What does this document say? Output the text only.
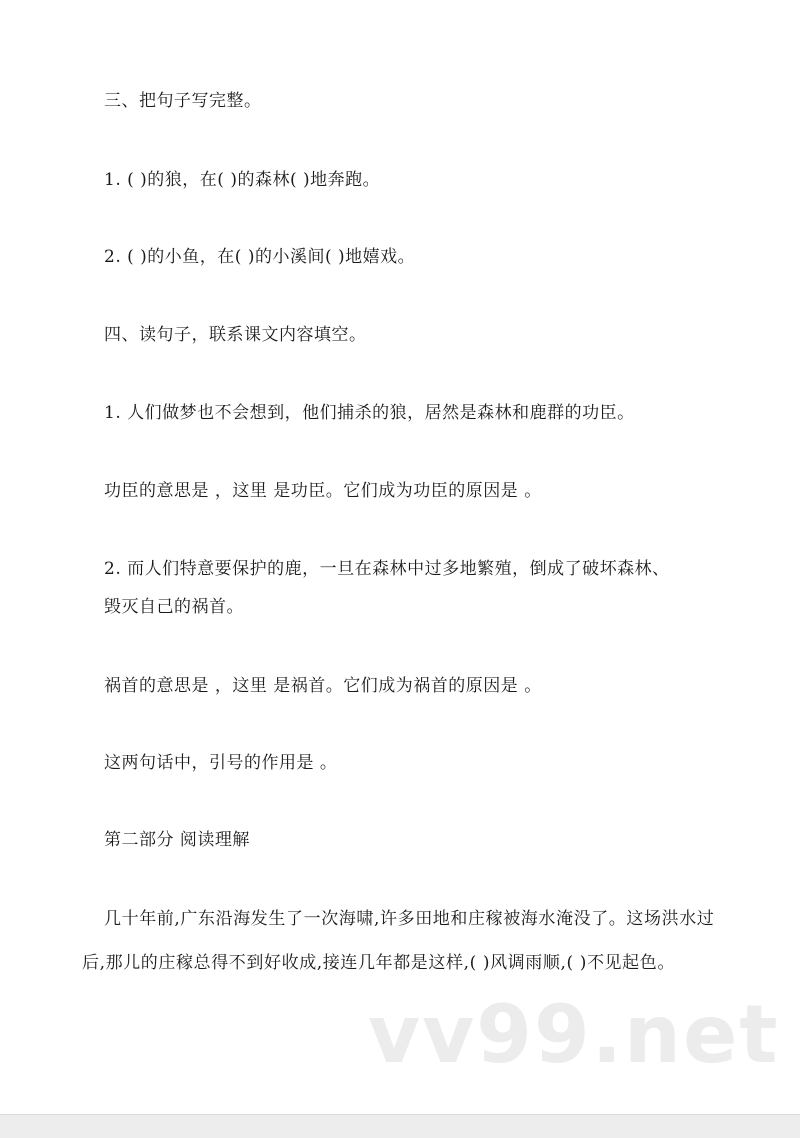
三、把句子写完整。
1. ( )的狼，在( )的森林( )地奔跑。
2. ( )的小鱼，在( )的小溪间( )地嬉戏。
四、读句子，联系课文内容填空。
1. 人们做梦也不会想到，他们捕杀的狼，居然是森林和鹿群的功臣。
功臣的意思是 ，这里 是功臣。它们成为功臣的原因是 。
2. 而人们特意要保护的鹿，一旦在森林中过多地繁殖，倒成了破坏森林、
毁灭自己的祸首。
祸首的意思是 ，这里 是祸首。它们成为祸首的原因是 。
这两句话中，引号的作用是 。
第二部分 阅读理解
几十年前,广东沿海发生了一次海啸,许多田地和庄稼被海水淹没了。这场洪水过后,那儿的庄稼总得不到好收成,接连几年都是这样,( )风调雨顺,( )不见起色。
vv99.net
